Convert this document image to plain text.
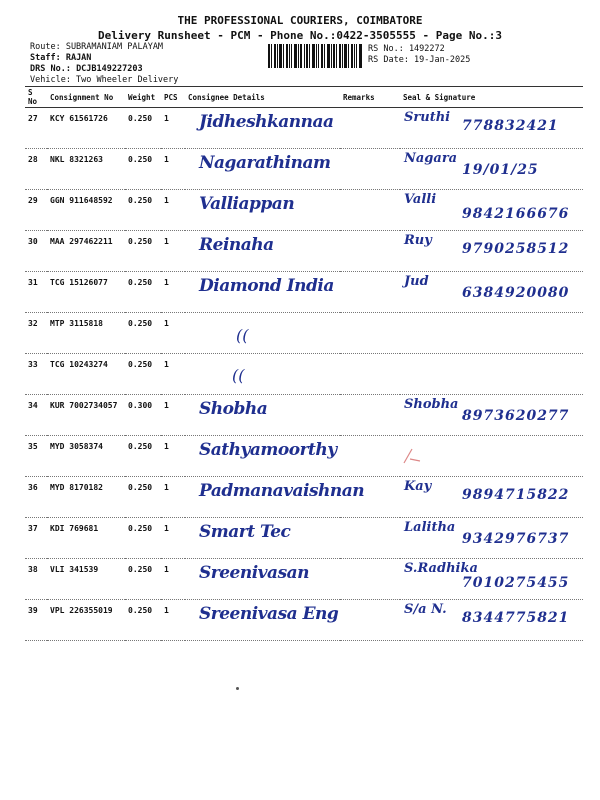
THE PROFESSIONAL COURIERS, COIMBATORE
Delivery Runsheet - PCM - Phone No.:0422-3505555 - Page No.:3
Route: SUBRAMANIAM PALAYAM
Staff: RAJAN
DRS No.: DCJB149227203
Vehicle: Two Wheeler Delivery
RS No.: 1492272
RS Date: 19-Jan-2025
S No	Consignment No	Weight	PCS	Consignee Details	Remarks	Seal & Signature
27	KCY 61561726	0.250	1	Jidheshkannaa		Sruthi
778832421

28	NKL 8321263	0.250	1	Nagarathinam		Nagara
19/01/25

29	GGN 911648592	0.250	1	Valliappan		Valli
9842166676

30	MAA 297462211	0.250	1	Reinaha		Ruy
9790258512

31	TCG 15126077	0.250	1	Diamond India		Jud
6384920080

32	MTP 3115818	0.250	1	

33	TCG 10243274	0.250	1	

34	KUR 7002734057	0.300	1	Shobha		Shobha
8973620277

35	MYD 3058374	0.250	1	Sathyamoorthy		

36	MYD 8170182	0.250	1	Padmanavaishnan		Kay
9894715822

37	KDI 769681	0.250	1	Smart Tec		Lalitha
9342976737

38	VLI 341539	0.250	1	Sreenivasan		S.Radhika
7010275455

39	VPL 226355019	0.250	1	Sreenivasa Eng		S/a N.
8344775821
((
((
